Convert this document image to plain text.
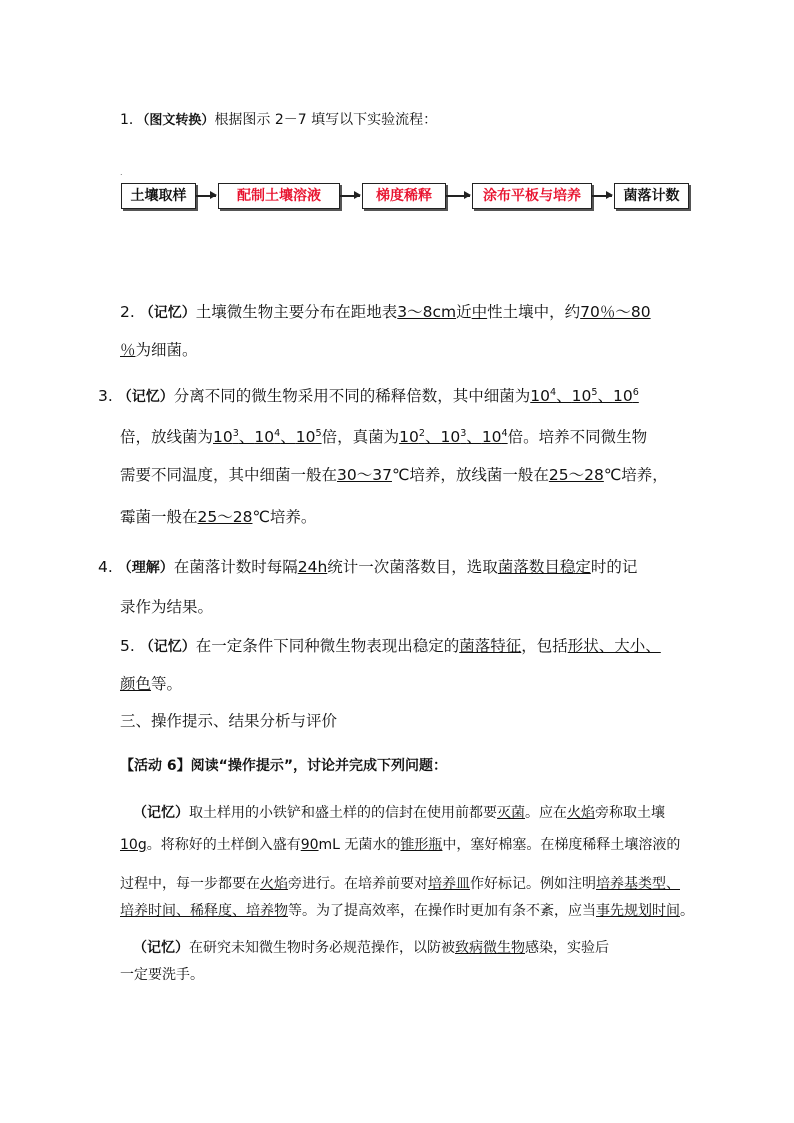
1．（图文转换）根据图示 2－7 填写以下实验流程：
.
土壤取样	配制土壤溶液	梯度稀释	涂布平板与培养	菌落计数
2. （记忆）土壤微生物主要分布在距地表3～8cm近中性土壤中，约70％～80
％为细菌。
3. （记忆）分离不同的微生物采用不同的稀释倍数，其中细菌为$10^4$、$10^5$、$10^6$
倍，放线菌为$10^3$、$10^4$、$10^5$倍，真菌为$10^2$、$10^3$、$10^4$倍。培养不同微生物
需要不同温度，其中细菌一般在30～37℃培养，放线菌一般在25～28℃培养，
霉菌一般在25～28℃培养。
4. （理解）在菌落计数时每隔24h统计一次菌落数目，选取菌落数目稳定时的记
录作为结果。
5. （记忆）在一定条件下同种微生物表现出稳定的菌落特征，包括形状、大小、
颜色等。
三、操作提示、结果分析与评价
【活动 6】阅读“操作提示”，讨论并完成下列问题：
（记忆）取土样用的小铁铲和盛土样的的信封在使用前都要灭菌。应在火焰旁称取土壤
10g。将称好的土样倒入盛有90mL 无菌水的锥形瓶中，塞好棉塞。在梯度稀释土壤溶液的
过程中，每一步都要在火焰旁进行。在培养前要对培养皿作好标记。例如注明培养基类型、
培养时间、稀释度、培养物等。为了提高效率，在操作时更加有条不紊，应当事先规划时间。
（记忆）在研究未知微生物时务必规范操作，以防被致病微生物感染，实验后
一定要洗手。
